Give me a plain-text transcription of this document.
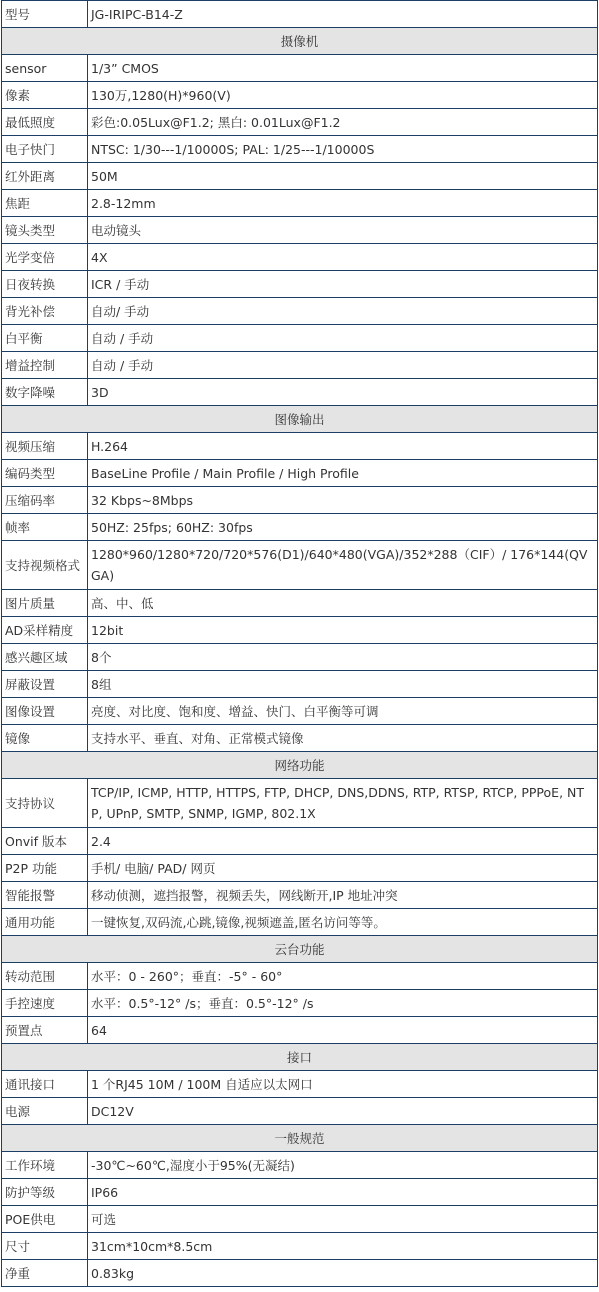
型号	JG-IRIPC-B14-Z
摄像机	
sensor	1/3” CMOS
像素	130万,1280(H)*960(V)
最低照度	彩色:0.05Lux@F1.2; 黑白: 0.01Lux@F1.2
电子快门	NTSC: 1/30---1/10000S; PAL: 1/25---1/10000S
红外距离	50M
焦距	2.8-12mm
镜头类型	电动镜头
光学变倍	4X
日夜转换	ICR / 手动
背光补偿	自动/ 手动
白平衡	自动 / 手动
增益控制	自动 / 手动
数字降噪	3D
图像输出	
视频压缩	H.264
编码类型	BaseLine Profile / Main Profile / High Profile
压缩码率	32 Kbps~8Mbps
帧率	50HZ: 25fps; 60HZ: 30fps
支持视频格式	1280*960/1280*720/720*576(D1)/640*480(VGA)/352*288（CIF）/ 176*144(QVGA)
图片质量	高、中、低
AD采样精度	12bit
感兴趣区域	8个
屏蔽设置	8组
图像设置	亮度、对比度、饱和度、增益、快门、白平衡等可调
镜像	支持水平、垂直、对角、正常模式镜像
网络功能	
支持协议	TCP/IP, ICMP, HTTP, HTTPS, FTP, DHCP, DNS,DDNS, RTP, RTSP, RTCP, PPPoE, NTP, UPnP, SMTP, SNMP, IGMP, 802.1X
Onvif 版本	2.4
P2P 功能	手机/ 电脑/ PAD/ 网页
智能报警	移动侦测，遮挡报警，视频丢失，网线断开,IP 地址冲突
通用功能	一键恢复,双码流,心跳,镜像,视频遮盖,匿名访问等等。
云台功能	
转动范围	水平：0 - 260°；垂直：-5° - 60°
手控速度	水平：0.5°-12° /s；垂直：0.5°-12° /s
预置点	64
接口	
通讯接口	1 个RJ45 10M / 100M 自适应以太网口
电源	DC12V
一般规范	
工作环境	-30℃~60℃,湿度小于95%(无凝结)
防护等级	IP66
POE供电	可选
尺寸	31cm*10cm*8.5cm
净重	0.83kg
